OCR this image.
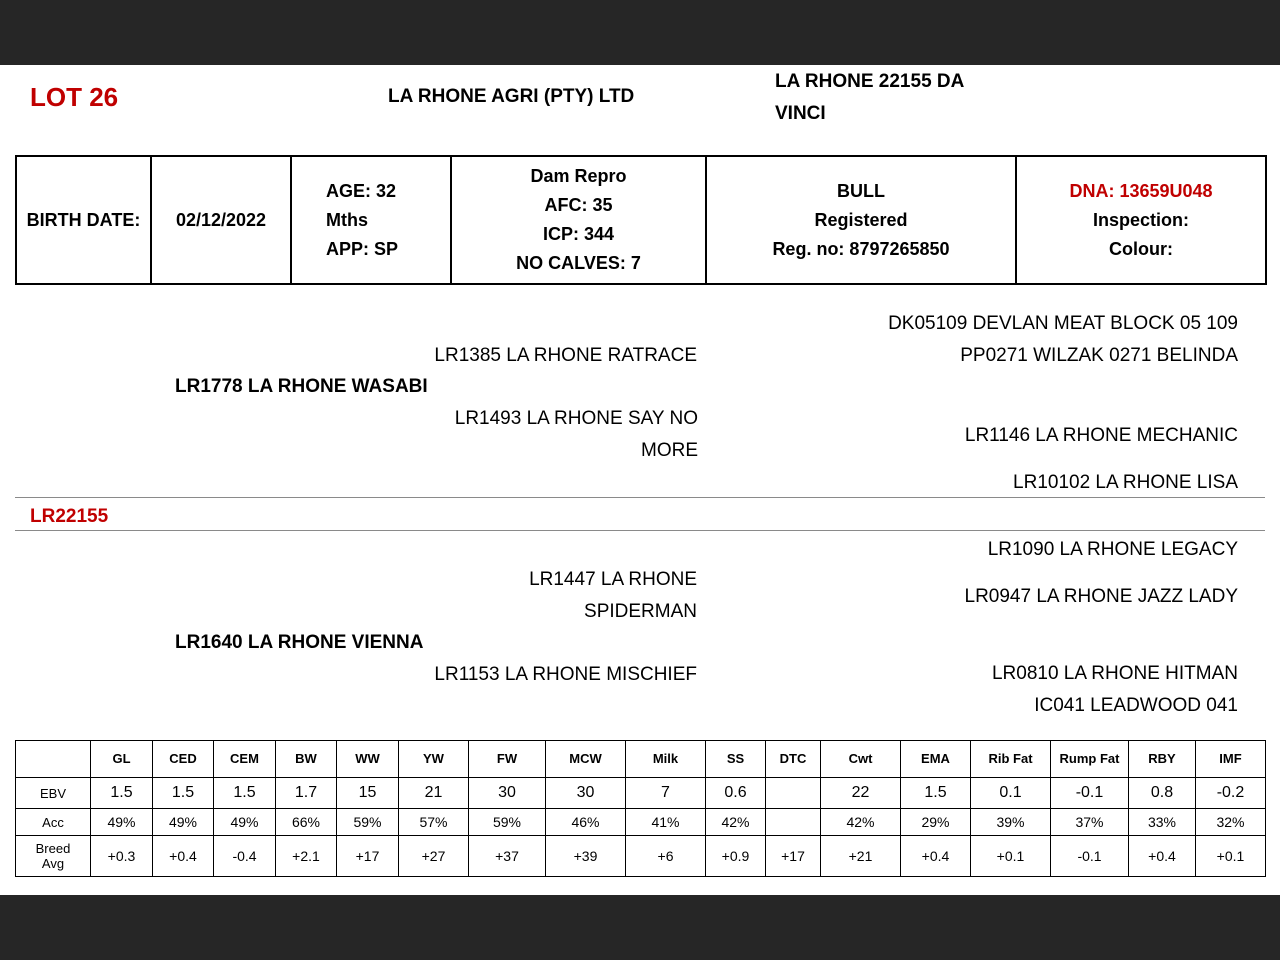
LOT 26	LA RHONE AGRI (PTY) LTD
LA RHONE 22155 DA VINCI
BIRTH DATE:	02/12/2022

AGE: 32 Mths
APP: SP

Dam Repro
AFC: 35
ICP: 344
NO CALVES: 7

BULL
Registered
Reg. no: 8797265850

DNA: 13659U048
Inspection:
Colour:
DK05109 DEVLAN MEAT BLOCK 05 109
LR1385 LA RHONE RATRACE	PP0271 WILZAK 0271 BELINDA
LR1778 LA RHONE WASABI
LR1493 LA RHONE SAY NO MORE
LR1146 LA RHONE MECHANIC
LR10102 LA RHONE LISA
LR22155
LR1090 LA RHONE LEGACY
LR1447 LA RHONE SPIDERMAN
LR0947 LA RHONE JAZZ LADY
LR1640 LA RHONE VIENNA
LR1153 LA RHONE MISCHIEF	LR0810 LA RHONE HITMAN
IC041 LEADWOOD 041
	GL	CED	CEM	BW	WW	YW	FW	MCW	Milk	SS	DTC	Cwt	EMA	Rib Fat	Rump Fat	RBY	IMF
EBV	1.5	1.5	1.5	1.7	15	21	30	30	7	0.6		22	1.5	0.1	-0.1	0.8	-0.2
Acc	49%	49%	49%	66%	59%	57%	59%	46%	41%	42%		42%	29%	39%	37%	33%	32%
Breed Avg	+0.3	+0.4	-0.4	+2.1	+17	+27	+37	+39	+6	+0.9	+17	+21	+0.4	+0.1	-0.1	+0.4	+0.1
